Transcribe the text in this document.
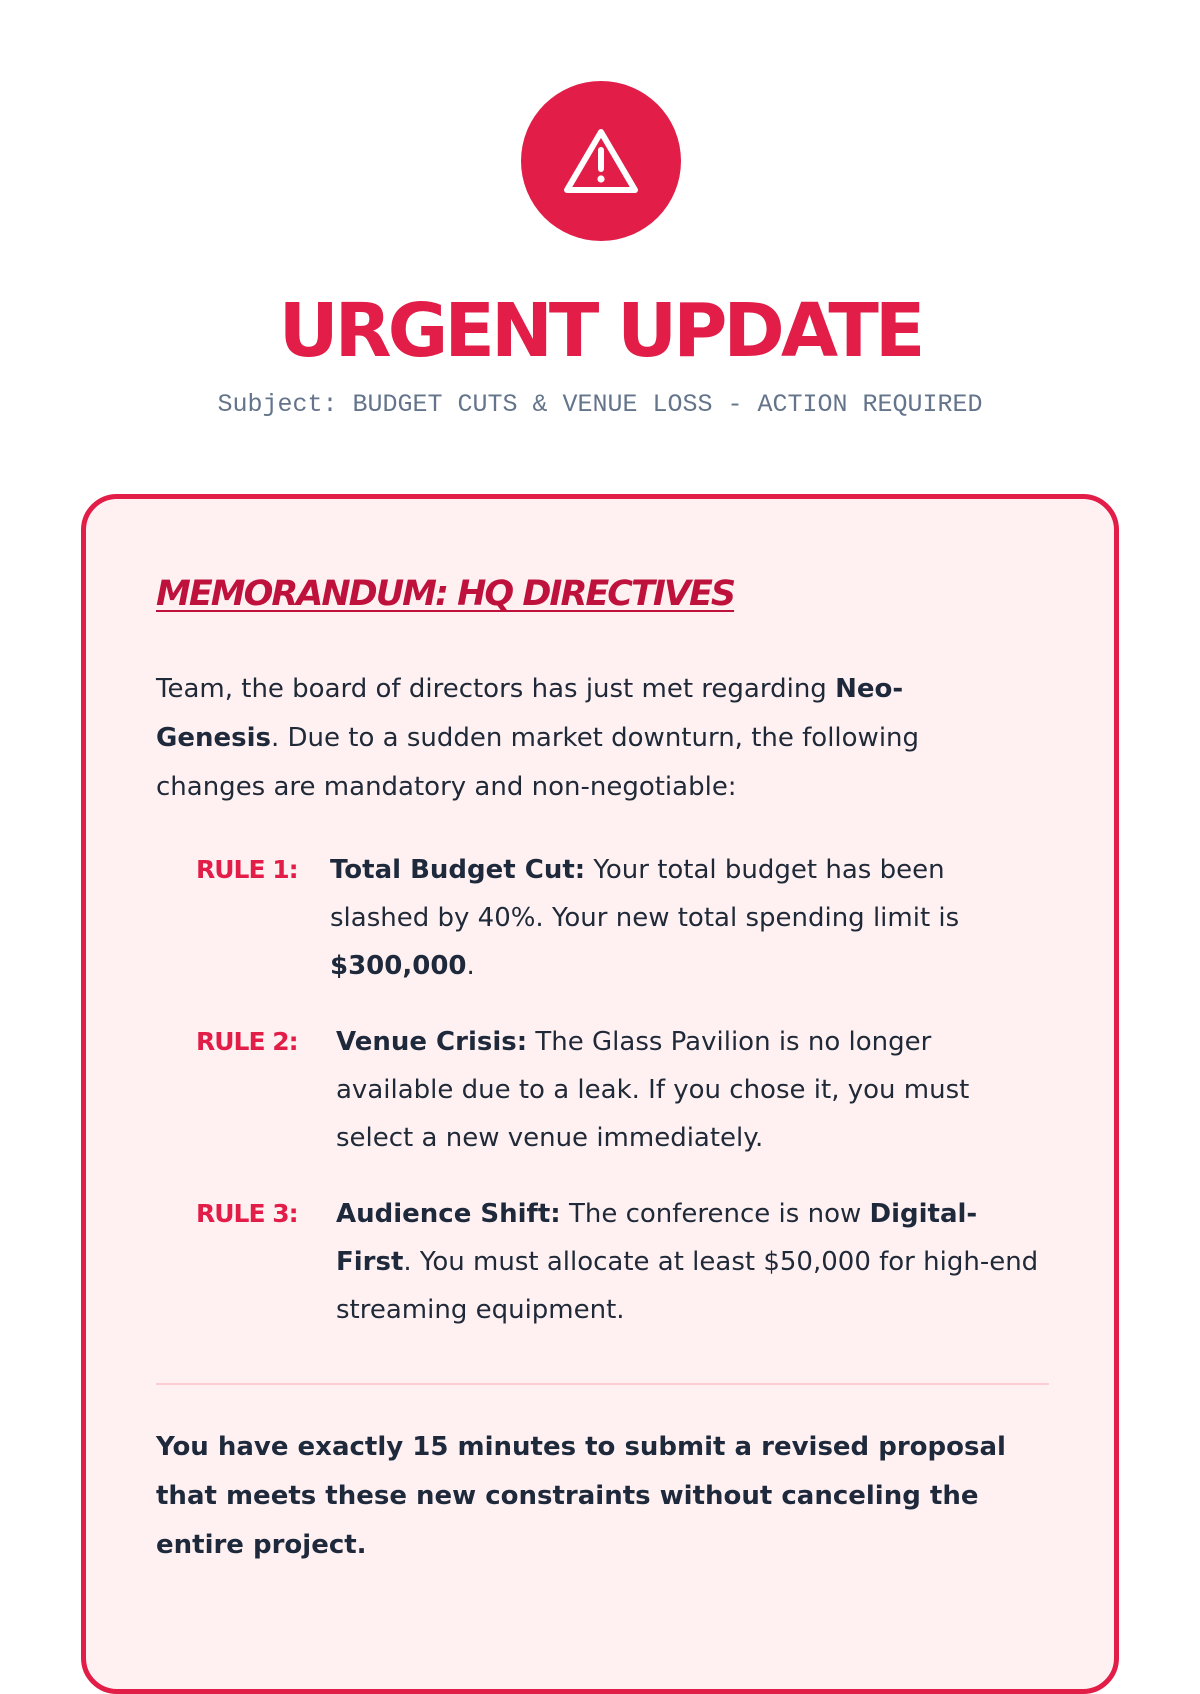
URGENT UPDATE
Subject: BUDGET CUTS & VENUE LOSS - ACTION REQUIRED
MEMORANDUM: HQ DIRECTIVES

Team, the board of directors has just met regarding Neo-Genesis. Due to a sudden market downturn, the following changes are mandatory and non-negotiable:

RULE 1:	Total Budget Cut: Your total budget has been slashed by 40%. Your new total spending limit is $300,000.
RULE 2:	Venue Crisis: The Glass Pavilion is no longer available due to a leak. If you chose it, you must select a new venue immediately.
RULE 3:	Audience Shift: The conference is now Digital-First. You must allocate at least $50,000 for high-end streaming equipment.

You have exactly 15 minutes to submit a revised proposal that meets these new constraints without canceling the entire project.
